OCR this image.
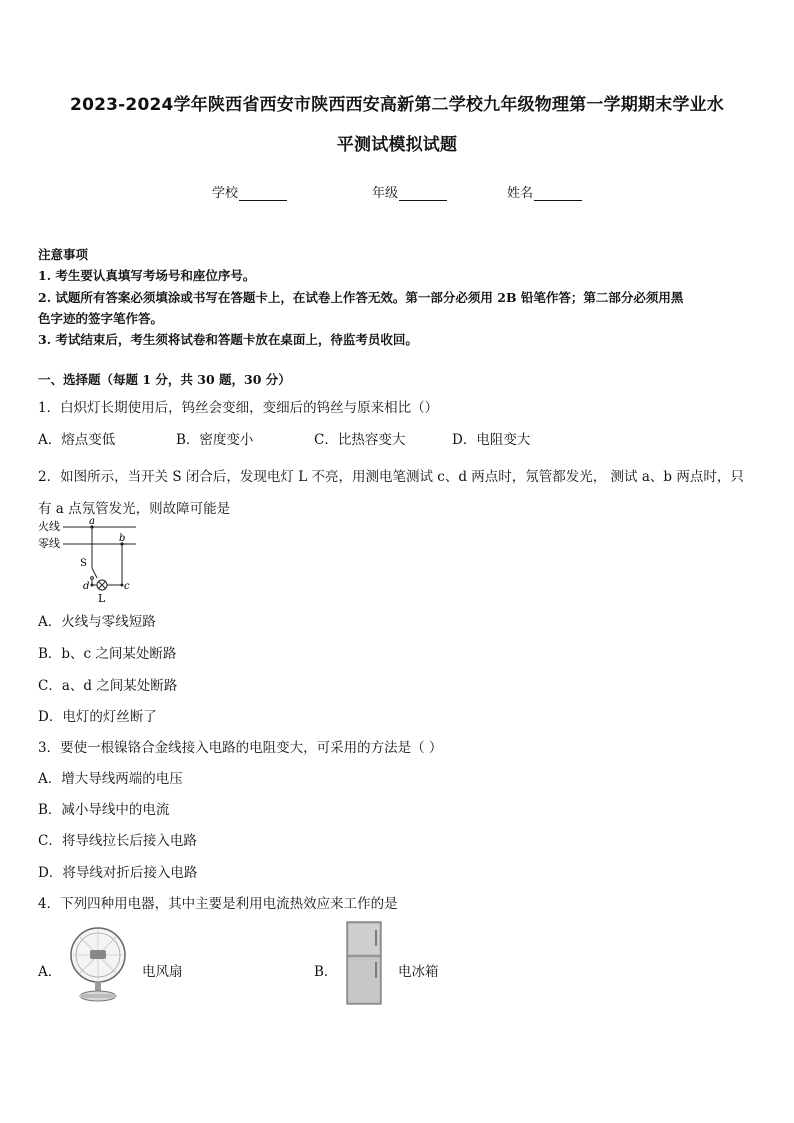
2023-2024学年陕西省西安市陕西西安高新第二学校九年级物理第一学期期末学业水
平测试模拟试题
学校	年级	姓名
注意事项
1. 考生要认真填写考场号和座位序号。
2. 试题所有答案必须填涂或书写在答题卡上，在试卷上作答无效。第一部分必须用 2B 铅笔作答；第二部分必须用黑
色字迹的签字笔作答。
3. 考试结束后，考生须将试卷和答题卡放在桌面上，待监考员收回。
一、选择题（每题 1 分，共 30 题，30 分）
1．白炽灯长期使用后，钨丝会变细，变细后的钨丝与原来相比（）
A．熔点变低	B．密度变小	C．比热容变大	D．电阻变大
2．如图所示，当开关 S 闭合后，发现电灯 L 不亮，用测电笔测试 c、d 两点时，氖管都发光， 测试 a、b 两点时，只
有 a 点氖管发光，则故障可能是
火线
零线
a
b
S
d	c
L
A．火线与零线短路
B．b、c 之间某处断路
C．a、d 之间某处断路
D．电灯的灯丝断了
3．要使一根镍铬合金线接入电路的电阻变大，可采用的方法是（ ）
A．增大导线两端的电压
B．减小导线中的电流
C．将导线拉长后接入电路
D．将导线对折后接入电路
4．下列四种用电器，其中主要是利用电流热效应来工作的是
A．	电风扇	B．	电冰箱
